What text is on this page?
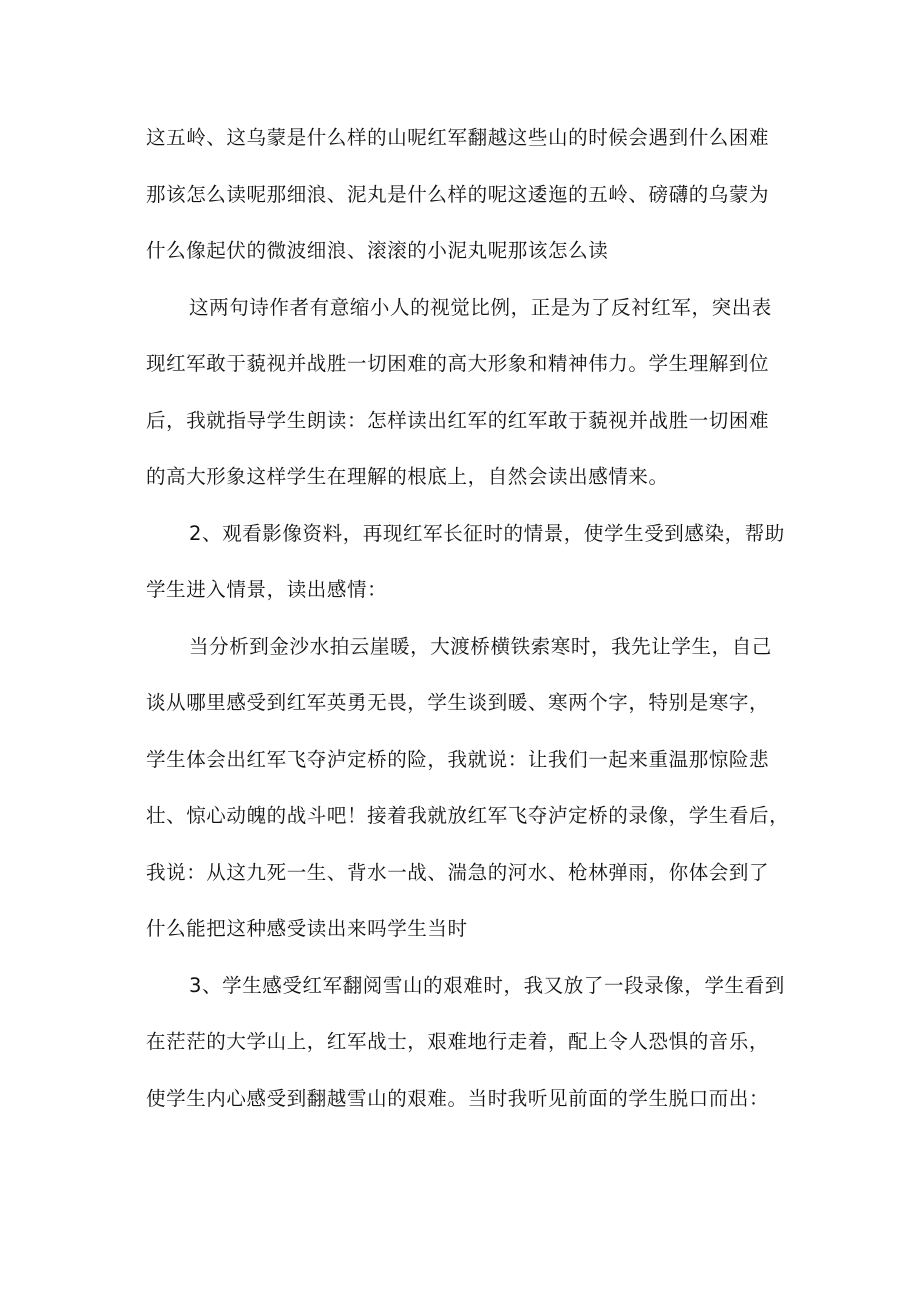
这五岭、这乌蒙是什么样的山呢红军翻越这些山的时候会遇到什么困难
那该怎么读呢那细浪、泥丸是什么样的呢这逶迤的五岭、磅礴的乌蒙为
什么像起伏的微波细浪、滚滚的小泥丸呢那该怎么读
这两句诗作者有意缩小人的视觉比例，正是为了反衬红军，突出表
现红军敢于藐视并战胜一切困难的高大形象和精神伟力。学生理解到位
后，我就指导学生朗读：怎样读出红军的红军敢于藐视并战胜一切困难
的高大形象这样学生在理解的根底上，自然会读出感情来。
2、观看影像资料，再现红军长征时的情景，使学生受到感染，帮助
学生进入情景，读出感情：
当分析到金沙水拍云崖暖，大渡桥横铁索寒时，我先让学生，自己
谈从哪里感受到红军英勇无畏，学生谈到暖、寒两个字，特别是寒字，
学生体会出红军飞夺泸定桥的险，我就说：让我们一起来重温那惊险悲
壮、惊心动魄的战斗吧！接着我就放红军飞夺泸定桥的录像，学生看后，
我说：从这九死一生、背水一战、湍急的河水、枪林弹雨，你体会到了
什么能把这种感受读出来吗学生当时
3、学生感受红军翻阅雪山的艰难时，我又放了一段录像，学生看到
在茫茫的大学山上，红军战士，艰难地行走着，配上令人恐惧的音乐，
使学生内心感受到翻越雪山的艰难。当时我听见前面的学生脱口而出：
